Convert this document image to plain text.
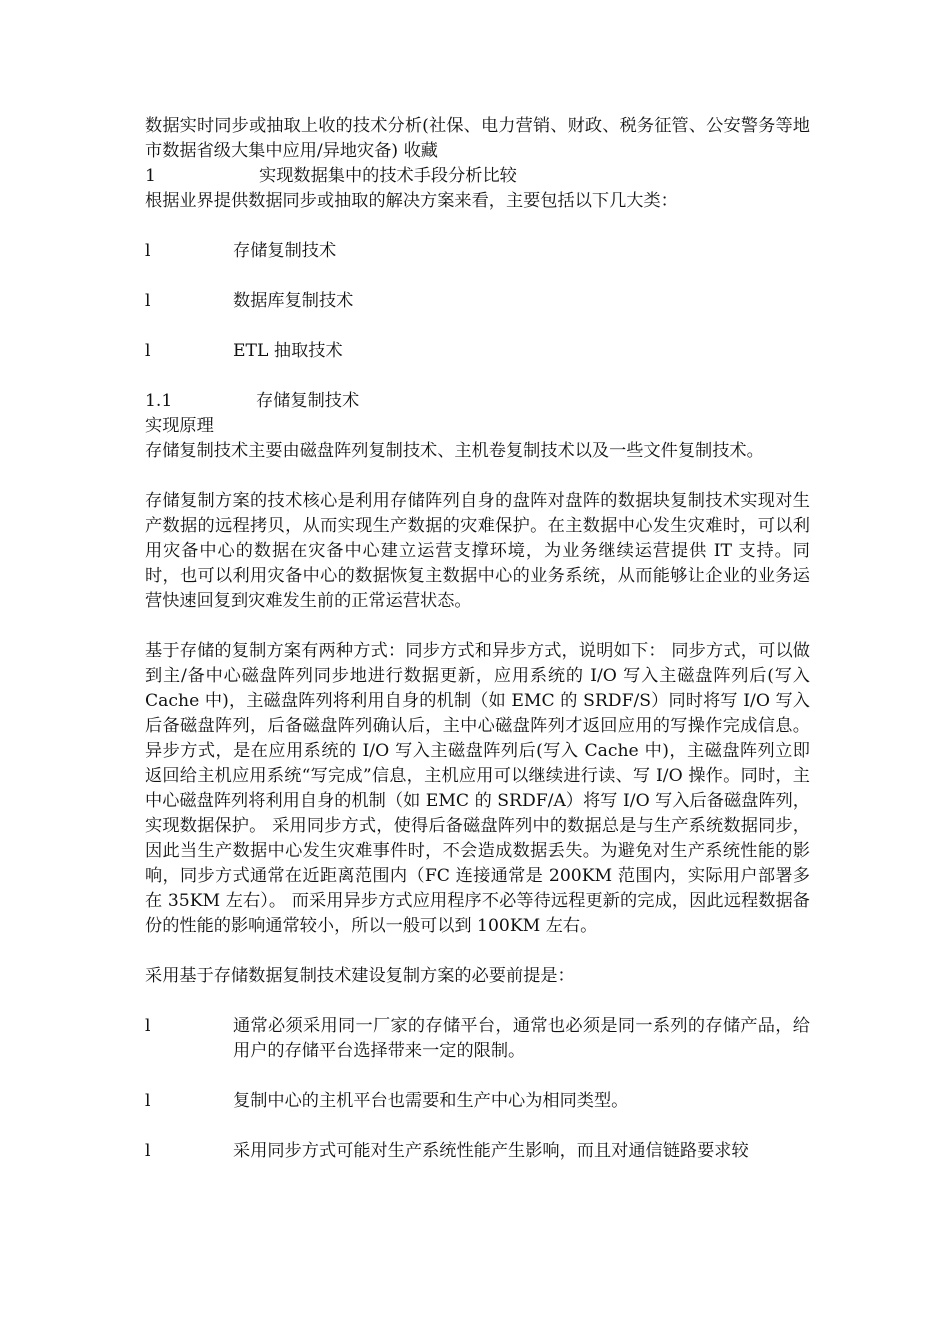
数据实时同步或抽取上收的技术分析(社保、电力营销、财政、税务征管、公安警务等地市数据省级大集中应用/异地灾备) 收藏

1	实现数据集中的技术手段分析比较

根据业界提供数据同步或抽取的解决方案来看，主要包括以下几大类：

l	存储复制技术
l	数据库复制技术
l	ETL 抽取技术
1.1	存储复制技术

实现原理

存储复制技术主要由磁盘阵列复制技术、主机卷复制技术以及一些文件复制技术。

存储复制方案的技术核心是利用存储阵列自身的盘阵对盘阵的数据块复制技术实现对生产数据的远程拷贝，从而实现生产数据的灾难保护。在主数据中心发生灾难时，可以利用灾备中心的数据在灾备中心建立运营支撑环境，为业务继续运营提供 IT 支持。同时，也可以利用灾备中心的数据恢复主数据中心的业务系统，从而能够让企业的业务运营快速回复到灾难发生前的正常运营状态。

基于存储的复制方案有两种方式：同步方式和异步方式，说明如下： 同步方式，可以做到主/备中心磁盘阵列同步地进行数据更新，应用系统的 I/O 写入主磁盘阵列后(写入 Cache 中)，主磁盘阵列将利用自身的机制（如 EMC 的 SRDF/S）同时将写 I/O 写入后备磁盘阵列，后备磁盘阵列确认后，主中心磁盘阵列才返回应用的写操作完成信息。 异步方式，是在应用系统的 I/O 写入主磁盘阵列后(写入 Cache 中)，主磁盘阵列立即返回给主机应用系统“写完成”信息，主机应用可以继续进行读、写 I/O 操作。同时，主中心磁盘阵列将利用自身的机制（如 EMC 的 SRDF/A）将写 I/O 写入后备磁盘阵列，实现数据保护。 采用同步方式，使得后备磁盘阵列中的数据总是与生产系统数据同步，因此当生产数据中心发生灾难事件时，不会造成数据丢失。为避免对生产系统性能的影响，同步方式通常在近距离范围内（FC 连接通常是 200KM 范围内，实际用户部署多在 35KM 左右）。 而采用异步方式应用程序不必等待远程更新的完成，因此远程数据备份的性能的影响通常较小，所以一般可以到 100KM 左右。

采用基于存储数据复制技术建设复制方案的必要前提是：

l	通常必须采用同一厂家的存储平台，通常也必须是同一系列的存储产品，给用户的存储平台选择带来一定的限制。
l	复制中心的主机平台也需要和生产中心为相同类型。
l	采用同步方式可能对生产系统性能产生影响，而且对通信链路要求较
